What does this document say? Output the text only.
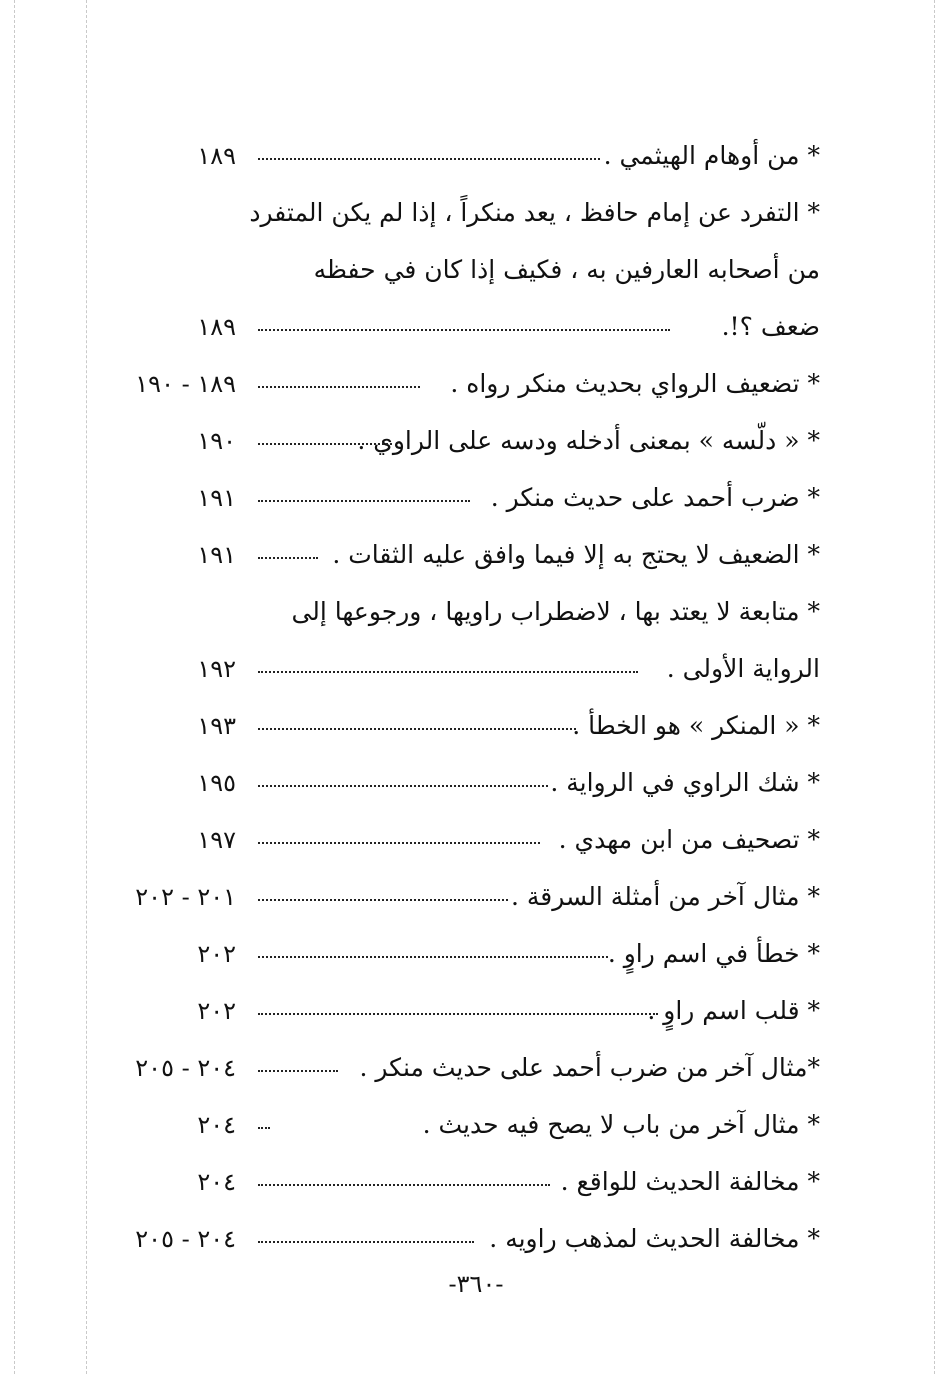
* من أوهام الهيثمي .
١٨٩
* التفرد عن إمام حافظ ، يعد منكراً ، إذا لم يكن المتفرد
من أصحابه العارفين به ، فكيف إذا كان في حفظه
ضعف ؟!.
١٨٩
* تضعيف الرواي بحديث منكر رواه .
١٨٩ - ١٩٠
* « دلّسه » بمعنى أدخله ودسه على الراوي .
١٩٠
* ضرب أحمد على حديث منكر .
١٩١
* الضعيف لا يحتج به إلا فيما وافق عليه الثقات .
١٩١
* متابعة لا يعتد بها ، لاضطراب راويها ، ورجوعها إلى
الرواية الأولى .
١٩٢
* « المنكر » هو الخطأ .
١٩٣
* شك الراوي في الرواية .
١٩٥
* تصحيف من ابن مهدي .
١٩٧
* مثال آخر من أمثلة السرقة .
٢٠١ - ٢٠٢
* خطأ في اسم راوٍ .
٢٠٢
* قلب اسم راوٍ .
٢٠٢
*مثال آخر من ضرب أحمد على حديث منكر .
٢٠٤ - ٢٠٥
* مثال آخر من باب لا يصح فيه حديث .
٢٠٤
* مخالفة الحديث للواقع .
٢٠٤
* مخالفة الحديث لمذهب راويه .
٢٠٤ - ٢٠٥
-٣٦٠-
